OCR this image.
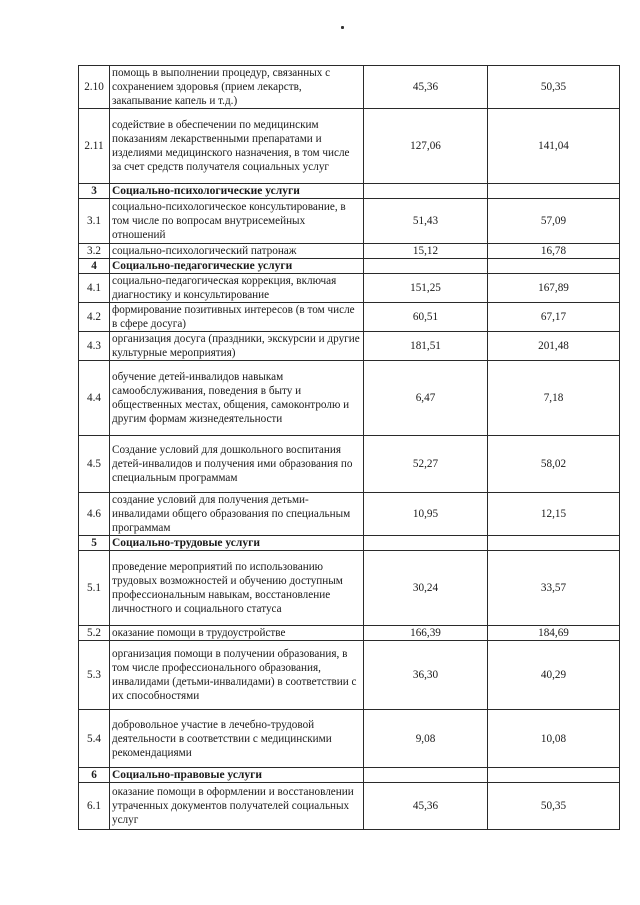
2.10	помощь в выполнении процедур, связанных с сохранением здоровья (прием лекарств, закапывание капель и т.д.)	45,36	50,35
2.11	содействие в обеспечении по медицинским показаниям лекарственными препаратами и изделиями медицинского назначения, в том числе за счет средств получателя социальных услуг	127,06	141,04
3	Социально-психологические услуги		
3.1	социально-психологическое консультирование, в том числе по вопросам внутрисемейных отношений	51,43	57,09
3.2	социально-психологический патронаж	15,12	16,78
4	Социально-педагогические услуги		
4.1	социально-педагогическая коррекция, включая диагностику и консультирование	151,25	167,89
4.2	формирование позитивных интересов (в том числе в сфере досуга)	60,51	67,17
4.3	организация досуга (праздники, экскурсии и другие культурные мероприятия)	181,51	201,48
4.4	обучение детей-инвалидов навыкам самообслуживания, поведения в быту и общественных местах, общения, самоконтролю и другим формам жизнедеятельности	6,47	7,18
4.5	Создание условий для дошкольного воспитания детей-инвалидов и получения ими образования по специальным программам	52,27	58,02
4.6	создание условий для получения детьми-инвалидами общего образования по специальным программам	10,95	12,15
5	Социально-трудовые услуги		
5.1	проведение мероприятий по использованию трудовых возможностей и обучению доступным профессиональным навыкам, восстановление личностного и социального статуса	30,24	33,57
5.2	оказание помощи в трудоустройстве	166,39	184,69
5.3	организация помощи в получении образования, в том числе профессионального образования, инвалидами (детьми-инвалидами) в соответствии с их способностями	36,30	40,29
5.4	добровольное участие в лечебно-трудовой деятельности в соответствии с медицинскими рекомендациями	9,08	10,08
6	Социально-правовые услуги		
6.1	оказание помощи в оформлении и восстановлении утраченных документов получателей социальных услуг	45,36	50,35
